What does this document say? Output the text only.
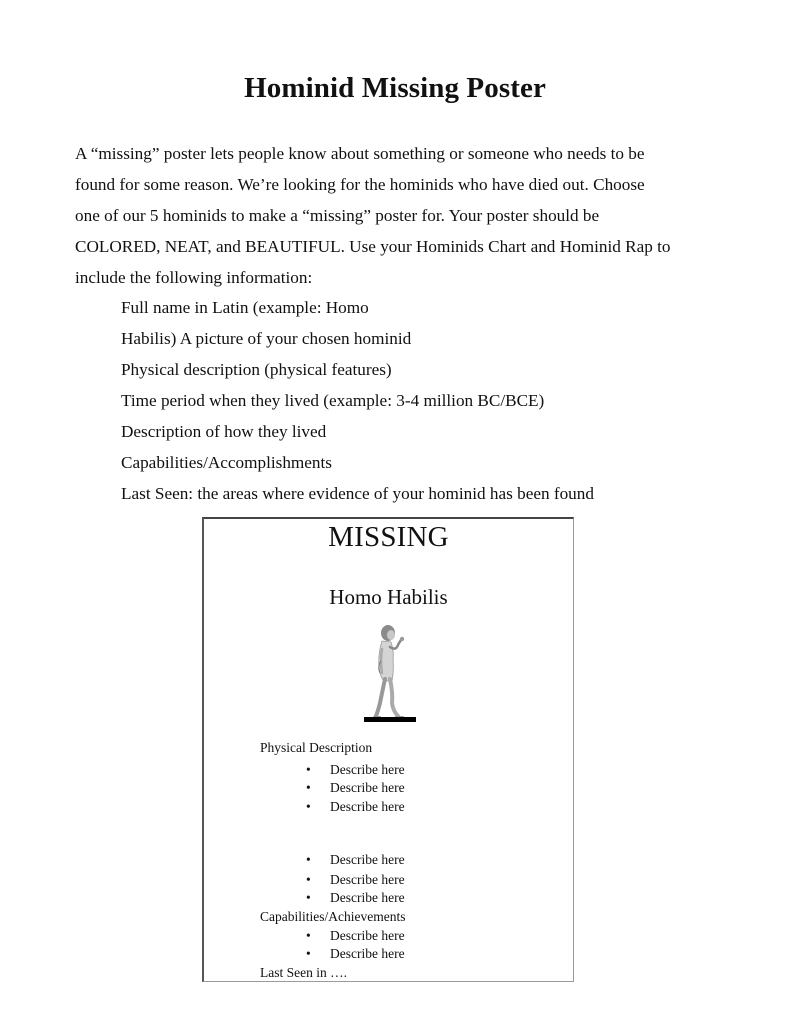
Hominid Missing Poster
A “missing” poster lets people know about something or someone who needs to be
found for some reason. We’re looking for the hominids who have died out. Choose
one of our 5 hominids to make a “missing” poster for. Your poster should be
COLORED, NEAT, and BEAUTIFUL. Use your Hominids Chart and Hominid Rap to
include the following information:
Full name in Latin (example: Homo
Habilis) A picture of your chosen hominid
Physical description (physical features)
Time period when they lived (example: 3-4 million BC/BCE)
Description of how they lived
Capabilities/Accomplishments
Last Seen: the areas where evidence of your hominid has been found
MISSING
Homo Habilis
Physical Description
• Describe here
• Describe here
• Describe here
• Describe here
• Describe here
• Describe here
Capabilities/Achievements
• Describe here
• Describe here
Last Seen in ….
